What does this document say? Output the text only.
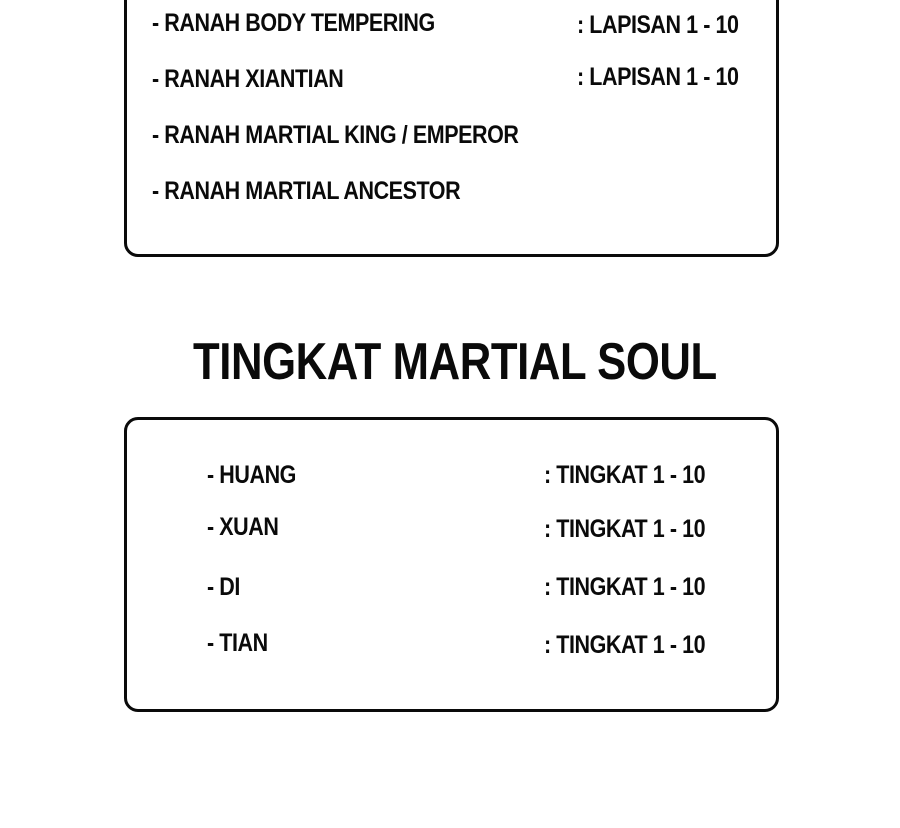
- RANAH BODY TEMPERING	: LAPISAN 1 - 10
- RANAH XIANTIAN	: LAPISAN 1 - 10
- RANAH MARTIAL KING / EMPEROR
- RANAH MARTIAL ANCESTOR
TINGKAT MARTIAL SOUL
- HUANG	: TINGKAT 1 - 10
- XUAN	: TINGKAT 1 - 10
- DI	: TINGKAT 1 - 10
- TIAN	: TINGKAT 1 - 10
